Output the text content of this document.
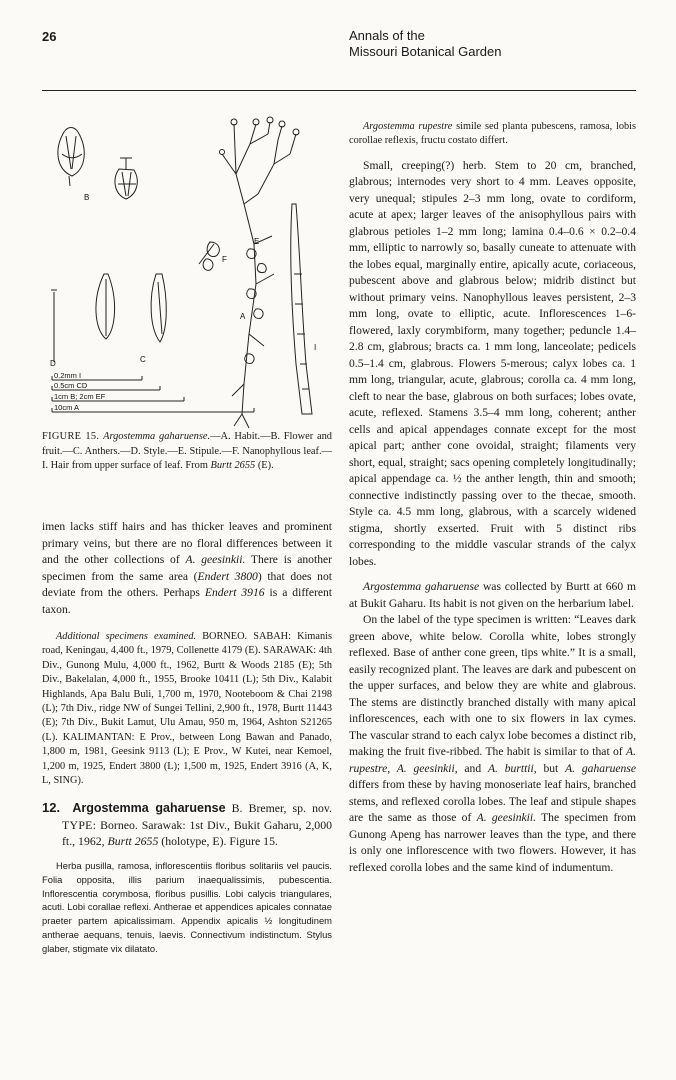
26	Annals of the
Missouri Botanical Garden
B
E
F
A
I
C
D
0.2mm I
0.5cm CD
1cm B; 2cm EF
10cm A
FIGURE 15. Argostemma gaharuense.—A. Habit.—B. Flower and fruit.—C. Anthers.—D. Style.—E. Stipule.—F. Nanophyllous leaf.—I. Hair from upper surface of leaf. From Burtt 2655 (E).

imen lacks stiff hairs and has thicker leaves and prominent primary veins, but there are no floral differences between it and the other collections of A. geesinkii. There is another specimen from the same area (Endert 3800) that does not deviate from the others. Perhaps Endert 3916 is a different taxon.

Additional specimens examined. BORNEO. SABAH: Kimanis road, Keningau, 4,400 ft., 1979, Collenette 4179 (E). SARAWAK: 4th Div., Gunong Mulu, 4,000 ft., 1962, Burtt & Woods 2185 (E); 5th Div., Bakelalan, 4,000 ft., 1955, Brooke 10411 (L); 5th Div., Kalabit Highlands, Apa Balu Buli, 1,700 m, 1970, Nooteboom & Chai 2198 (L); 7th Div., ridge NW of Sungei Tellini, 2,900 ft., 1978, Burtt 11443 (E); 7th Div., Bukit Lamut, Ulu Amau, 950 m, 1964, Ashton S21265 (L). KALIMANTAN: E Prov., between Long Bawan and Panado, 1,800 m, 1981, Geesink 9113 (L); E Prov., W Kutei, near Kemoel, 1,200 m, 1925, Endert 3800 (L); 1,500 m, 1925, Endert 3916 (A, K, L, SING).

12. Argostemma gaharuense B. Bremer, sp. nov. TYPE: Borneo. Sarawak: 1st Div., Bukit Gaharu, 2,000 ft., 1962, Burtt 2655 (holotype, E). Figure 15.

Herba pusilla, ramosa, inflorescentiis floribus solitariis vel paucis. Folia opposita, illis parium inaequalissimis, pubescentia. Inflorescentia corymbosa, floribus pusillis. Lobi calycis triangulares, acuti. Lobi corallae reflexi. Antherae et appendices apicales connatae praeter partem apicalissimam. Appendix apicalis ½ longitudinem antherae aequans, tenuis, laevis. Connectivum indistinctum. Stylus glaber, stigmate vix dilatato.

Argostemma rupestre simile sed planta pubescens, ramosa, lobis corollae reflexis, fructu costato differt.

Small, creeping(?) herb. Stem to 20 cm, branched, glabrous; internodes very short to 4 mm. Leaves opposite, very unequal; stipules 2–3 mm long, ovate to cordiform, acute at apex; larger leaves of the anisophyllous pairs with glabrous petioles 1–2 mm long; lamina 0.4–0.6 × 0.2–0.4 mm, elliptic to narrowly so, basally cuneate to attenuate with the lobes equal, marginally entire, apically acute, coriaceous, pubescent above and glabrous below; midrib distinct but without primary veins. Nanophyllous leaves persistent, 2–3 mm long, ovate to elliptic, acute. Inflorescences 1–6-flowered, laxly corymbiform, many together; peduncle 1.4–2.8 cm, glabrous; bracts ca. 1 mm long, lanceolate; pedicels 0.5–1.4 cm, glabrous. Flowers 5-merous; calyx lobes ca. 1 mm long, triangular, acute, glabrous; corolla ca. 4 mm long, cleft to near the base, glabrous on both surfaces; lobes ovate, acute, reflexed. Stamens 3.5–4 mm long, coherent; anther cells and apical appendages connate except for the most apical part; anther cone ovoidal, straight; filaments very short, equal, straight; sacs opening completely longitudinally; apical appendage ca. ½ the anther length, thin and smooth; connective indistinctly passing over to the thecae, smooth. Style ca. 4.5 mm long, glabrous, with a scarcely widened stigma, shortly exserted. Fruit with 5 distinct ribs corresponding to the middle vascular strands of the calyx lobes.

Argostemma gaharuense was collected by Burtt at 660 m at Bukit Gaharu. Its habit is not given on the herbarium label.

On the label of the type specimen is written: “Leaves dark green above, white below. Corolla white, lobes strongly reflexed. Base of anther cone green, tips white.” It is a small, easily recognized plant. The leaves are dark and pubescent on the upper surfaces, and below they are white and glabrous. The stems are distinctly branched distally with many apical inflorescences, each with one to six flowers in lax cymes. The vascular strand to each calyx lobe becomes a distinct rib, making the fruit five-ribbed. The habit is similar to that of A. rupestre, A. geesinkii, and A. burttii, but A. gaharuense differs from these by having monoseriate leaf hairs, branched stems, and reflexed corolla lobes. The leaf and stipule shapes are the same as those of A. geesinkii. The specimen from Gunong Apeng has narrower leaves than the type, and there is only one inflorescence with two flowers. However, it has reflexed corolla lobes and the same kind of indumentum.
